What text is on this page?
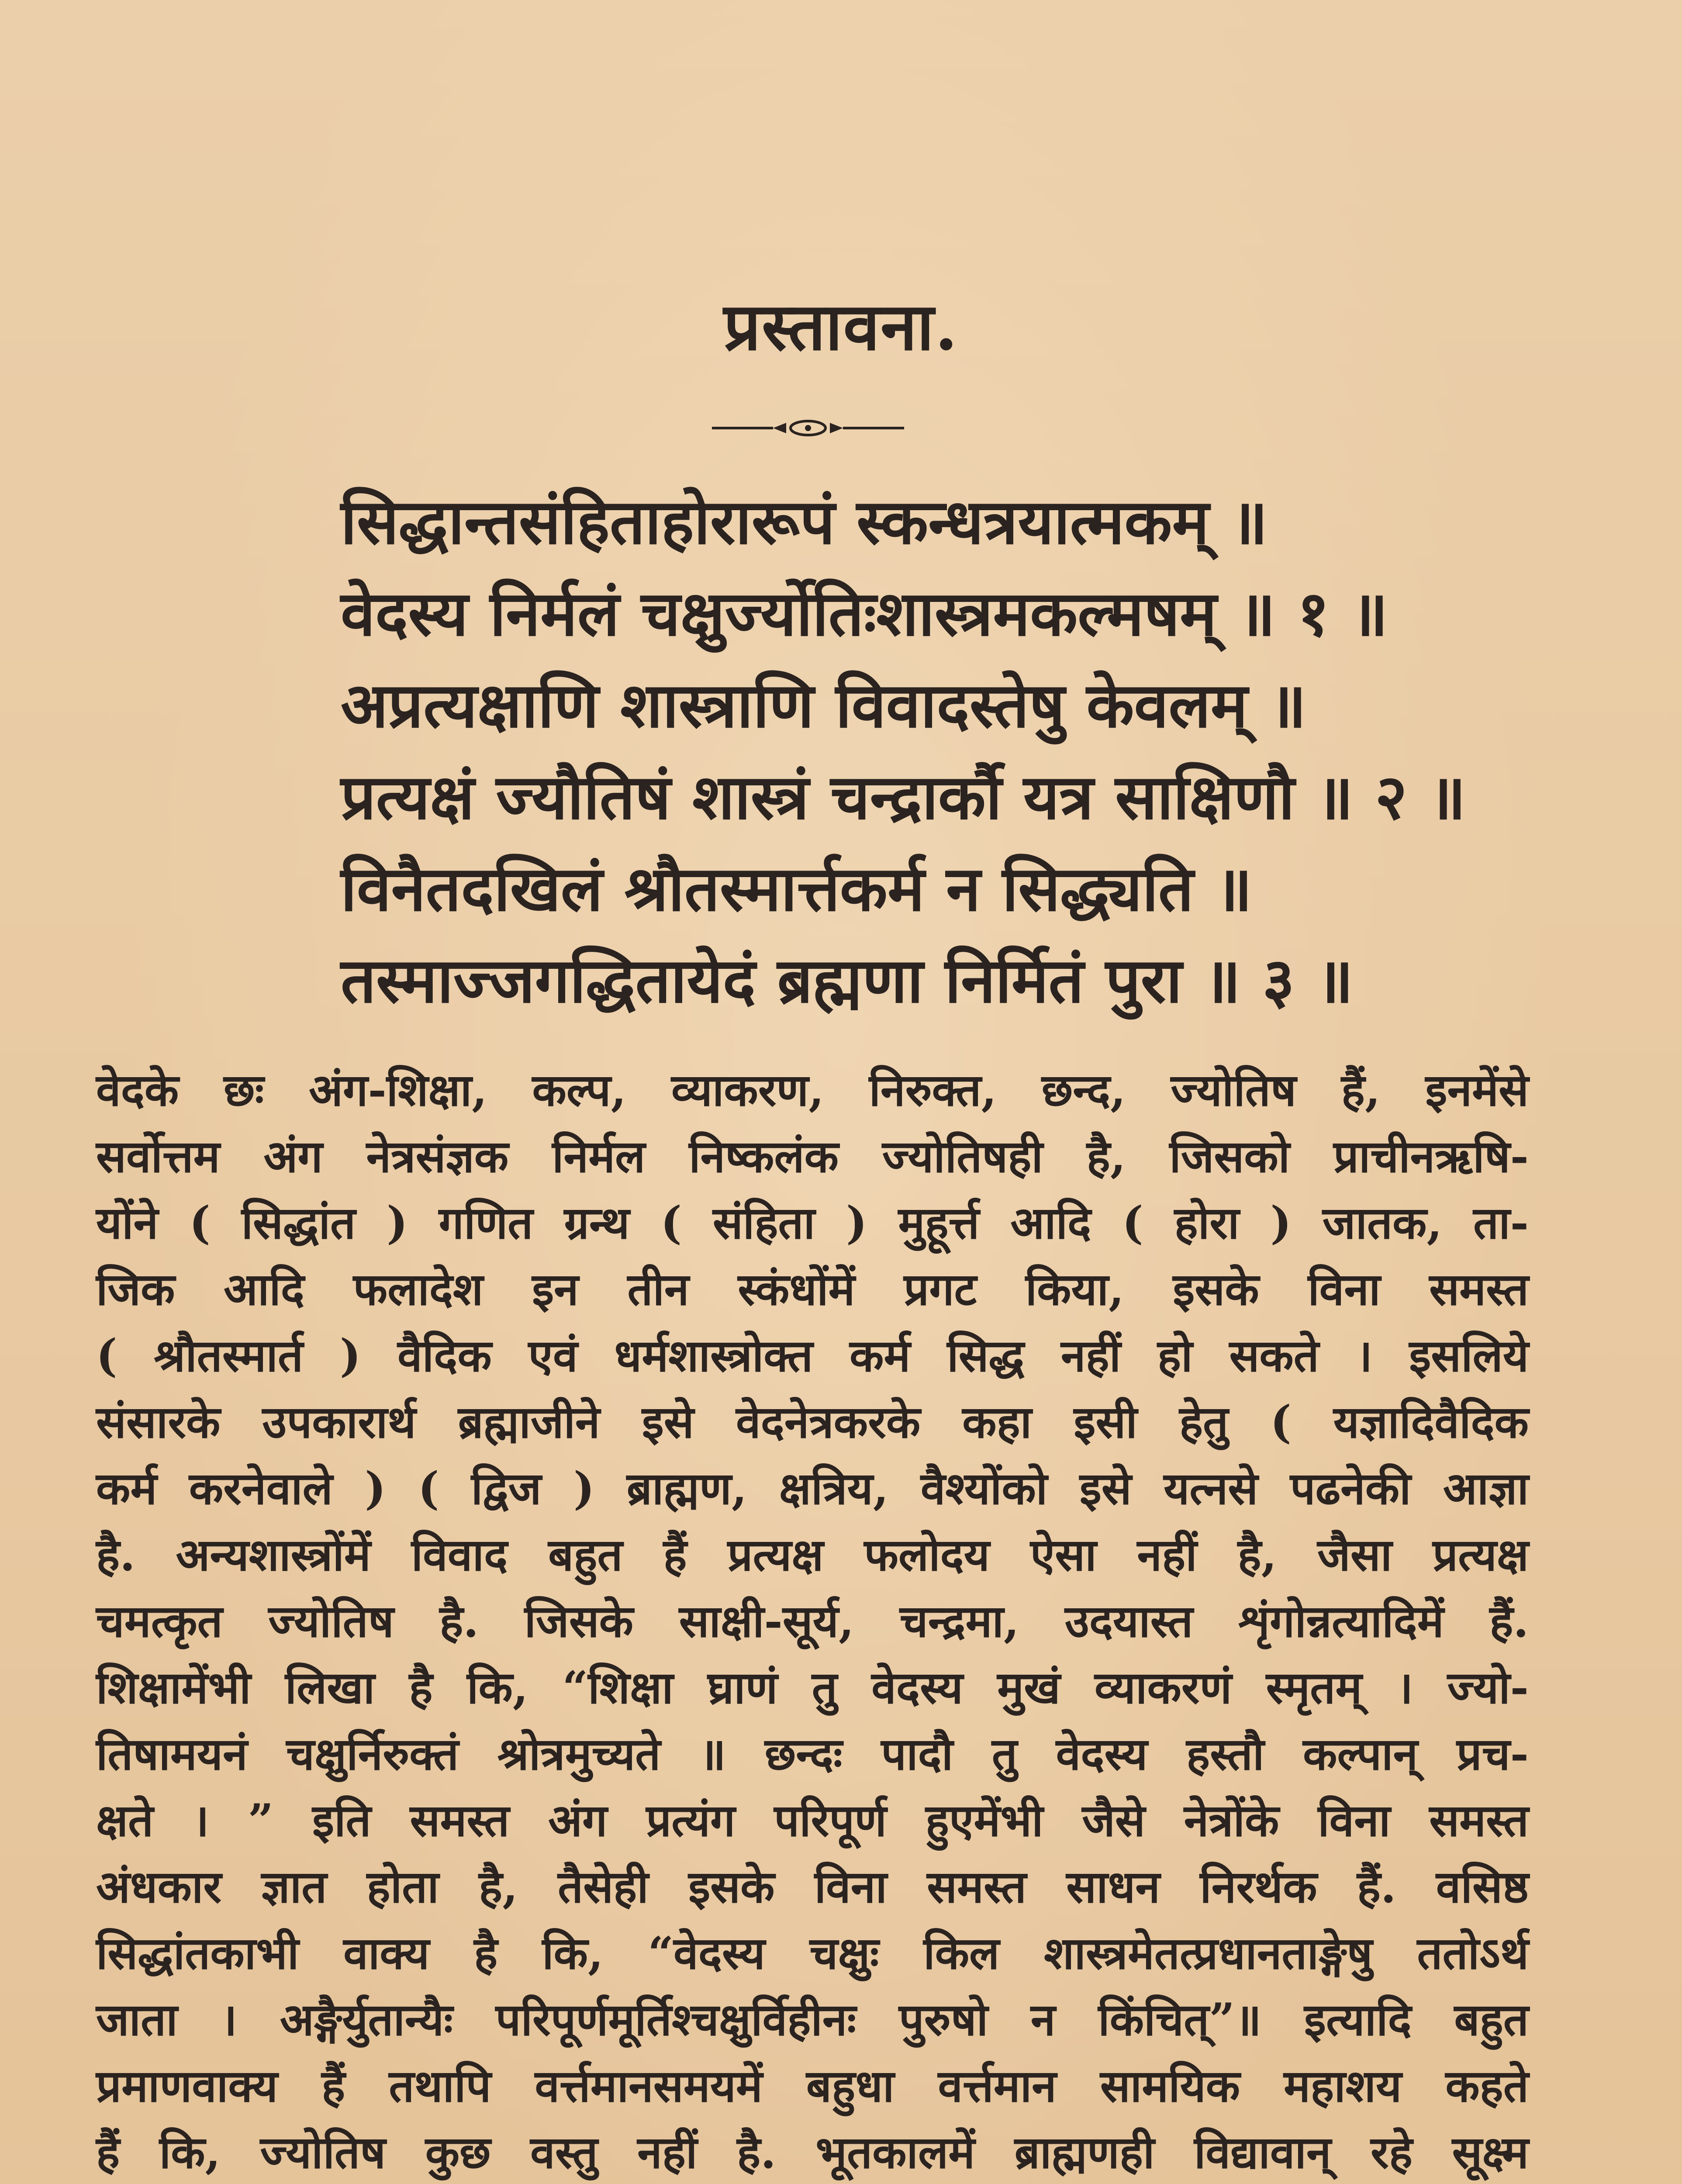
प्रस्तावना.
सिद्धान्तसंहिताहोरारूपं स्कन्धत्रयात्मकम् ॥
वेदस्य निर्मलं चक्षुर्ज्योतिःशास्त्रमकल्मषम् ॥ १ ॥
अप्रत्यक्षाणि शास्त्राणि विवादस्तेषु केवलम् ॥
प्रत्यक्षं ज्यौतिषं शास्त्रं चन्द्रार्कौ यत्र साक्षिणौ ॥ २ ॥
विनैतदखिलं श्रौतस्मार्त्तकर्म न सिद्ध्यति ॥
तस्माज्जगद्धितायेदं ब्रह्मणा निर्मितं पुरा ॥ ३ ॥
वेदके छः अंग-शिक्षा, कल्प, व्याकरण, निरुक्त, छन्द, ज्योतिष हैं, इनमेंसे
सर्वोत्तम अंग नेत्रसंज्ञक निर्मल निष्कलंक ज्योतिषही है, जिसको प्राचीनऋषि-
योंने ( सिद्धांत ) गणित ग्रन्थ ( संहिता ) मुहूर्त्त आदि ( होरा ) जातक, ता-
जिक आदि फलादेश इन तीन स्कंधोंमें प्रगट किया, इसके विना समस्त
( श्रौतस्मार्त ) वैदिक एवं धर्मशास्त्रोक्त कर्म सिद्ध नहीं हो सकते । इसलिये
संसारके उपकारार्थ ब्रह्माजीने इसे वेदनेत्रकरके कहा इसी हेतु ( यज्ञादिवैदिक
कर्म करनेवाले ) ( द्विज ) ब्राह्मण, क्षत्रिय, वैश्योंको इसे यत्नसे पढनेकी आज्ञा
है. अन्यशास्त्रोंमें विवाद बहुत हैं प्रत्यक्ष फलोदय ऐसा नहीं है, जैसा प्रत्यक्ष
चमत्कृत ज्योतिष है. जिसके साक्षी-सूर्य, चन्द्रमा, उदयास्त शृंगोन्नत्यादिमें हैं.
शिक्षामेंभी लिखा है कि, “शिक्षा घ्राणं तु वेदस्य मुखं व्याकरणं स्मृतम् । ज्यो-
तिषामयनं चक्षुर्निरुक्तं श्रोत्रमुच्यते ॥ छन्दः पादौ तु वेदस्य हस्तौ कल्पान् प्रच-
क्षते । ” इति समस्त अंग प्रत्यंग परिपूर्ण हुएमेंभी जैसे नेत्रोंके विना समस्त
अंधकार ज्ञात होता है, तैसेही इसके विना समस्त साधन निरर्थक हैं. वसिष्ठ
सिद्धांतकाभी वाक्य है कि, “वेदस्य चक्षुः किल शास्त्रमेतत्प्रधानताङ्गेषु ततोऽर्थ
जाता । अङ्गैर्युतान्यैः परिपूर्णमूर्तिश्चक्षुर्विहीनः पुरुषो न किंचित्”॥ इत्यादि बहुत
प्रमाणवाक्य हैं तथापि वर्त्तमानसमयमें बहुधा वर्त्तमान सामयिक महाशय कहते
हैं कि, ज्योतिष कुछ वस्तु नहीं है. भूतकालमें ब्राह्मणही विद्यावान् रहे सूक्ष्म
